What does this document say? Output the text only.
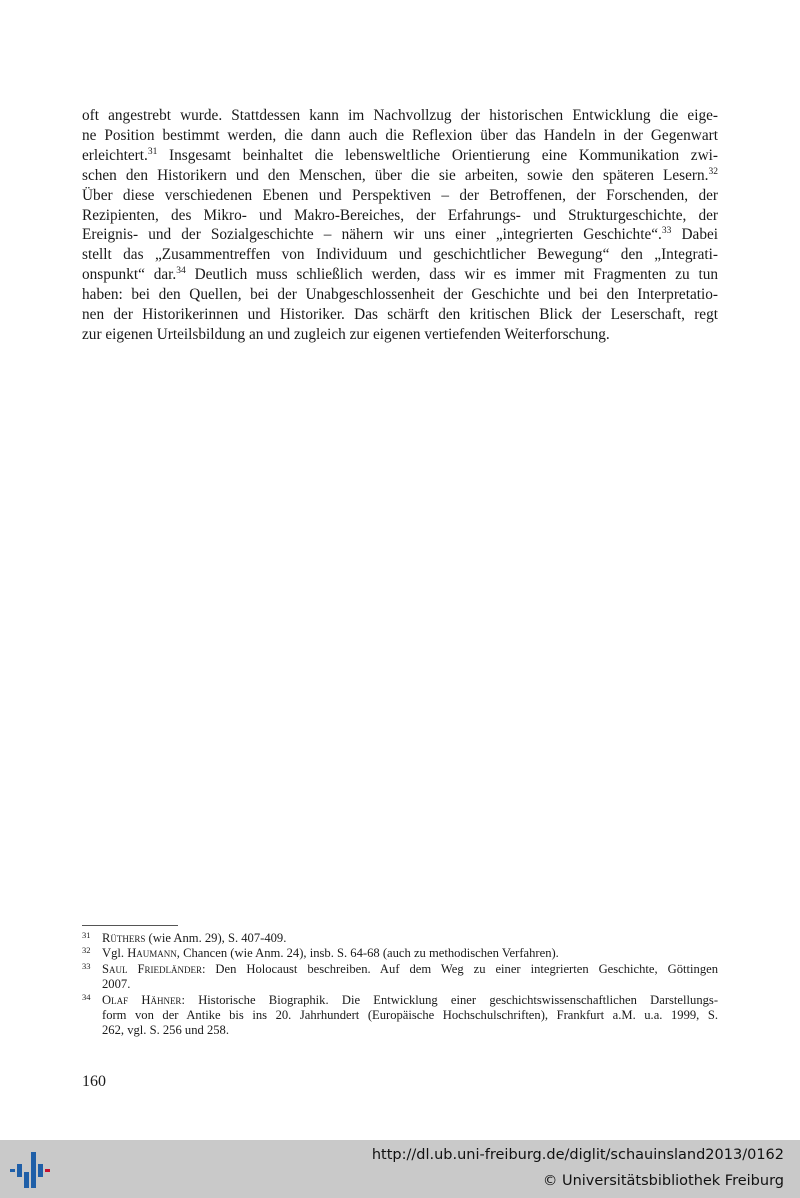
oft angestrebt wurde. Stattdessen kann im Nachvollzug der historischen Entwicklung die eige-
ne Position bestimmt werden, die dann auch die Reflexion über das Handeln in der Gegenwart
erleichtert.$^{31}$ Insgesamt beinhaltet die lebensweltliche Orientierung eine Kommunikation zwi-
schen den Historikern und den Menschen, über die sie arbeiten, sowie den späteren Lesern.$^{32}$
Über diese verschiedenen Ebenen und Perspektiven – der Betroffenen, der Forschenden, der
Rezipienten, des Mikro- und Makro-Bereiches, der Erfahrungs- und Strukturgeschichte, der
Ereignis- und der Sozialgeschichte – nähern wir uns einer „integrierten Geschichte“.$^{33}$ Dabei
stellt das „Zusammentreffen von Individuum und geschichtlicher Bewegung“ den „Integrati-
onspunkt“ dar.$^{34}$ Deutlich muss schließlich werden, dass wir es immer mit Fragmenten zu tun
haben: bei den Quellen, bei der Unabgeschlossenheit der Geschichte und bei den Interpretatio-
nen der Historikerinnen und Historiker. Das schärft den kritischen Blick der Leserschaft, regt
zur eigenen Urteilsbildung an und zugleich zur eigenen vertiefenden Weiterforschung.
31 Rüthers (wie Anm. 29), S. 407-409.
32 Vgl. Haumann, Chancen (wie Anm. 24), insb. S. 64-68 (auch zu methodischen Verfahren).
33 Saul Friedländer: Den Holocaust beschreiben. Auf dem Weg zu einer integrierten Geschichte, Göttingen
2007.
34 Olaf Hähner: Historische Biographik. Die Entwicklung einer geschichtswissenschaftlichen Darstellungs-
form von der Antike bis ins 20. Jahrhundert (Europäische Hochschulschriften), Frankfurt a.M. u.a. 1999, S.
262, vgl. S. 256 und 258.
160
http://dl.ub.uni-freiburg.de/diglit/schauinsland2013/0162
© Universitätsbibliothek Freiburg
